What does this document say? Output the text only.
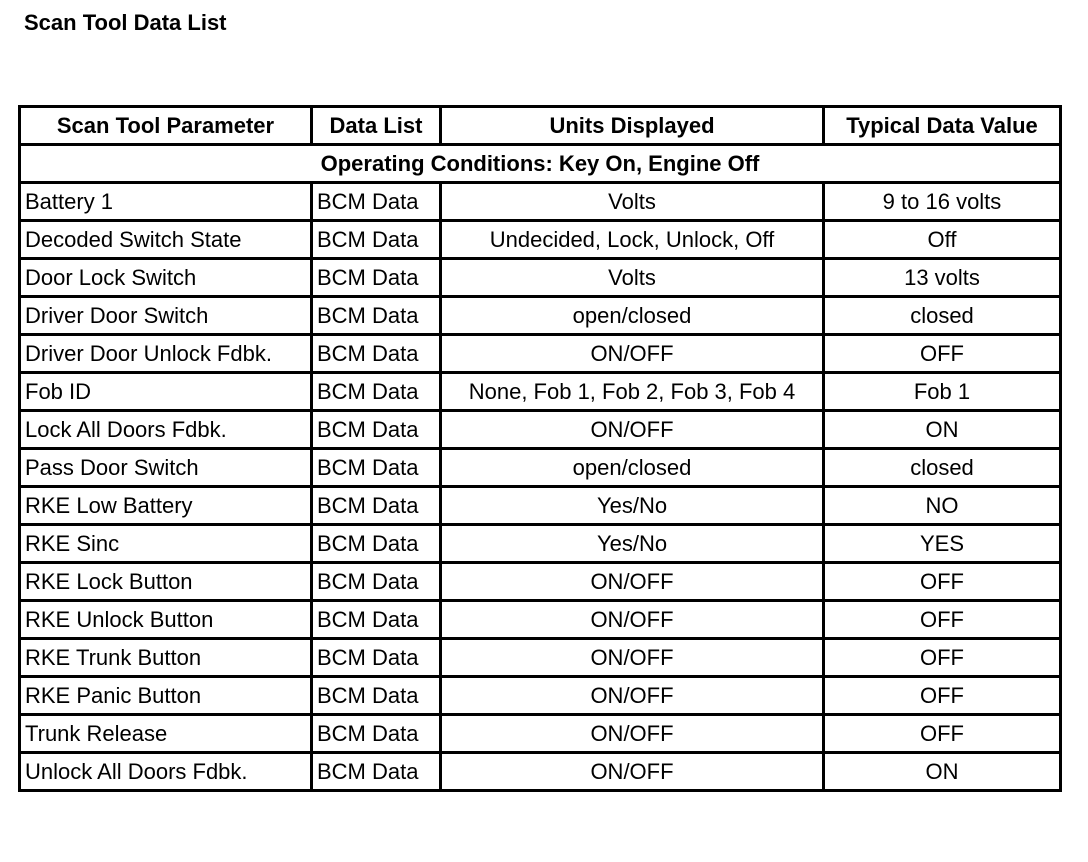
Scan Tool Data List
Scan Tool Parameter	Data List	Units Displayed	Typical Data Value
Operating Conditions: Key On, Engine Off			
Battery 1	BCM Data	Volts	9 to 16 volts
Decoded Switch State	BCM Data	Undecided, Lock, Unlock, Off	Off
Door Lock Switch	BCM Data	Volts	13 volts
Driver Door Switch	BCM Data	open/closed	closed
Driver Door Unlock Fdbk.	BCM Data	ON/OFF	OFF
Fob ID	BCM Data	None, Fob 1, Fob 2, Fob 3, Fob 4	Fob 1
Lock All Doors Fdbk.	BCM Data	ON/OFF	ON
Pass Door Switch	BCM Data	open/closed	closed
RKE Low Battery	BCM Data	Yes/No	NO
RKE Sinc	BCM Data	Yes/No	YES
RKE Lock Button	BCM Data	ON/OFF	OFF
RKE Unlock Button	BCM Data	ON/OFF	OFF
RKE Trunk Button	BCM Data	ON/OFF	OFF
RKE Panic Button	BCM Data	ON/OFF	OFF
Trunk Release	BCM Data	ON/OFF	OFF
Unlock All Doors Fdbk.	BCM Data	ON/OFF	ON
